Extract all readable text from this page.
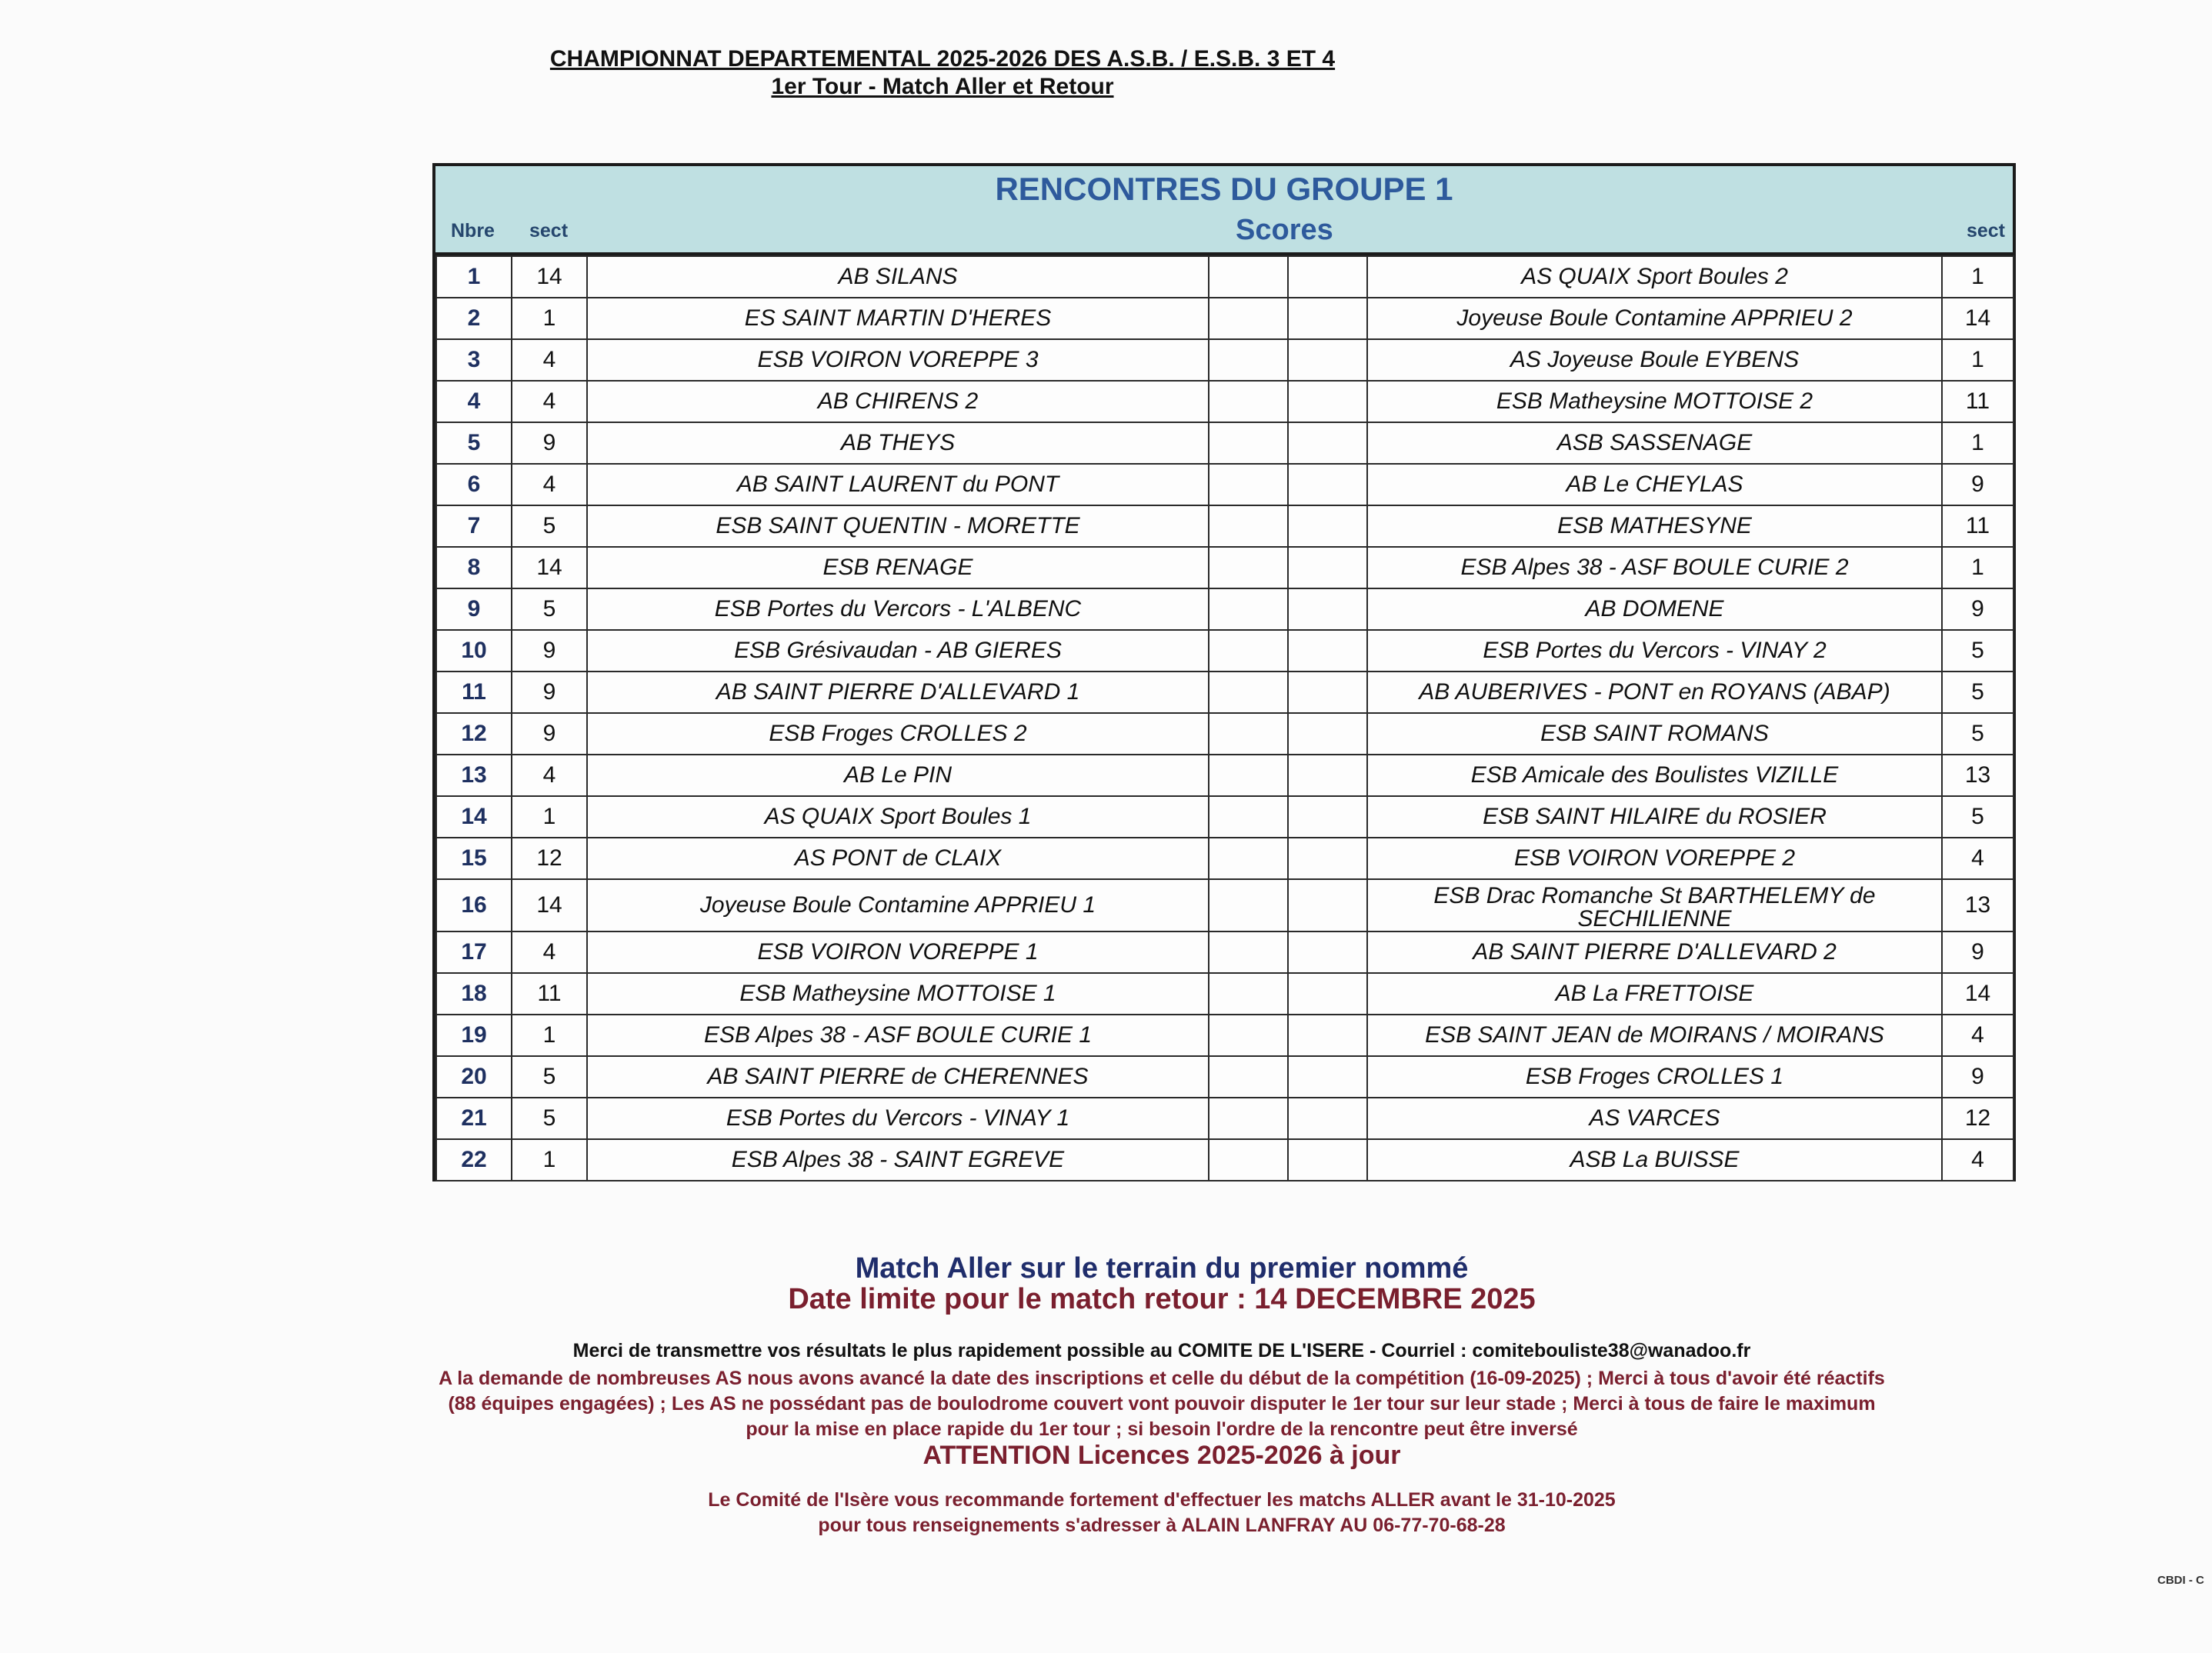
CHAMPIONNAT DEPARTEMENTAL 2025-2026 DES A.S.B. / E.S.B. 3 ET 4
1er Tour - Match Aller et Retour
RENCONTRES DU GROUPE 1
Nbre sect	Scores	sect
1	14	AB SILANS			AS QUAIX Sport Boules 2	1
2	1	ES SAINT MARTIN D'HERES			Joyeuse Boule Contamine APPRIEU 2	14
3	4	ESB VOIRON VOREPPE 3			AS Joyeuse Boule EYBENS	1
4	4	AB CHIRENS 2			ESB Matheysine MOTTOISE 2	11
5	9	AB THEYS			ASB SASSENAGE	1
6	4	AB SAINT LAURENT du PONT			AB Le CHEYLAS	9
7	5	ESB SAINT QUENTIN - MORETTE			ESB MATHESYNE	11
8	14	ESB RENAGE			ESB Alpes 38 - ASF BOULE CURIE 2	1
9	5	ESB Portes du Vercors - L'ALBENC			AB DOMENE	9
10	9	ESB Grésivaudan - AB GIERES			ESB Portes du Vercors - VINAY 2	5
11	9	AB SAINT PIERRE D'ALLEVARD 1			AB AUBERIVES - PONT en ROYANS (ABAP)	5
12	9	ESB Froges CROLLES 2			ESB SAINT ROMANS	5
13	4	AB Le PIN			ESB Amicale des Boulistes VIZILLE	13
14	1	AS QUAIX Sport Boules 1			ESB SAINT HILAIRE du ROSIER	5
15	12	AS PONT de CLAIX			ESB VOIRON VOREPPE 2	4
16	14	Joyeuse Boule Contamine APPRIEU 1			ESB Drac Romanche St BARTHELEMY de SECHILIENNE	13
17	4	ESB VOIRON VOREPPE 1			AB SAINT PIERRE D'ALLEVARD 2	9
18	11	ESB Matheysine MOTTOISE 1			AB La FRETTOISE	14
19	1	ESB Alpes 38 - ASF BOULE CURIE 1			ESB SAINT JEAN de MOIRANS / MOIRANS	4
20	5	AB SAINT PIERRE de CHERENNES			ESB Froges CROLLES 1	9
21	5	ESB Portes du Vercors - VINAY 1			AS VARCES	12
22	1	ESB Alpes 38 - SAINT EGREVE			ASB La BUISSE	4
Match Aller sur le terrain du premier nommé
Date limite pour le match retour : 14 DECEMBRE 2025
Merci de transmettre vos résultats le plus rapidement possible au COMITE DE L'ISERE - Courriel : comitebouliste38@wanadoo.fr
A la demande de nombreuses AS nous avons avancé la date des inscriptions et celle du début de la compétition (16-09-2025) ; Merci à tous d'avoir été réactifs
(88 équipes engagées) ; Les AS ne possédant pas de boulodrome couvert vont pouvoir disputer le 1er tour sur leur stade ; Merci à tous de faire le maximum
pour la mise en place rapide du 1er tour ; si besoin l'ordre de la rencontre peut être inversé
ATTENTION Licences 2025-2026 à jour
Le Comité de l'Isère vous recommande fortement d'effectuer les matchs ALLER avant le 31-10-2025
pour tous renseignements s'adresser à ALAIN LANFRAY AU 06-77-70-68-28
CBDI - C
